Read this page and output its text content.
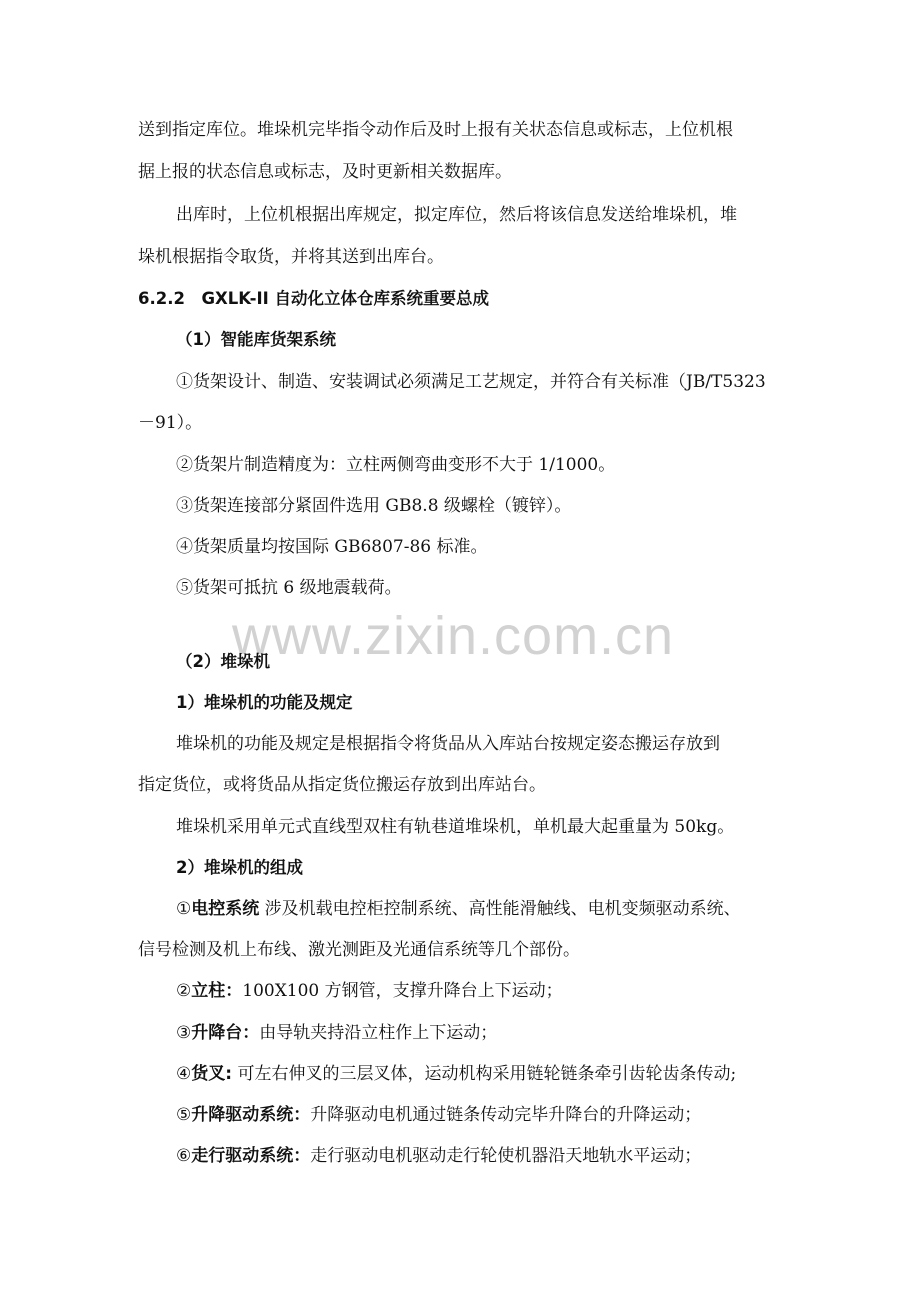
送到指定库位。堆垛机完毕指令动作后及时上报有关状态信息或标志，上位机根

据上报的状态信息或标志，及时更新相关数据库。

出库时，上位机根据出库规定，拟定库位，然后将该信息发送给堆垛机，堆

垛机根据指令取货，并将其送到出库台。

6.2.2　GXLK-II 自动化立体仓库系统重要总成

（1）智能库货架系统

①货架设计、制造、安装调试必须满足工艺规定，并符合有关标准（JB/T5323

－91）。

②货架片制造精度为：立柱两侧弯曲变形不大于 1/1000。

③货架连接部分紧固件选用 GB8.8 级螺栓（镀锌）。

④货架质量均按国际 GB6807-86 标准。

⑤货架可抵抗 6 级地震载荷。

www.zixin.com.cn

（2）堆垛机

1）堆垛机的功能及规定

堆垛机的功能及规定是根据指令将货品从入库站台按规定姿态搬运存放到

指定货位，或将货品从指定货位搬运存放到出库站台。

堆垛机采用单元式直线型双柱有轨巷道堆垛机，单机最大起重量为 50kg。

2）堆垛机的组成

①电控系统 涉及机载电控柜控制系统、高性能滑触线、电机变频驱动系统、

信号检测及机上布线、激光测距及光通信系统等几个部份。

②立柱：100X100 方钢管，支撑升降台上下运动；

③升降台：由导轨夹持沿立柱作上下运动；

④货叉: 可左右伸叉的三层叉体，运动机构采用链轮链条牵引齿轮齿条传动;

⑤升降驱动系统：升降驱动电机通过链条传动完毕升降台的升降运动；

⑥走行驱动系统：走行驱动电机驱动走行轮使机器沿天地轨水平运动；
